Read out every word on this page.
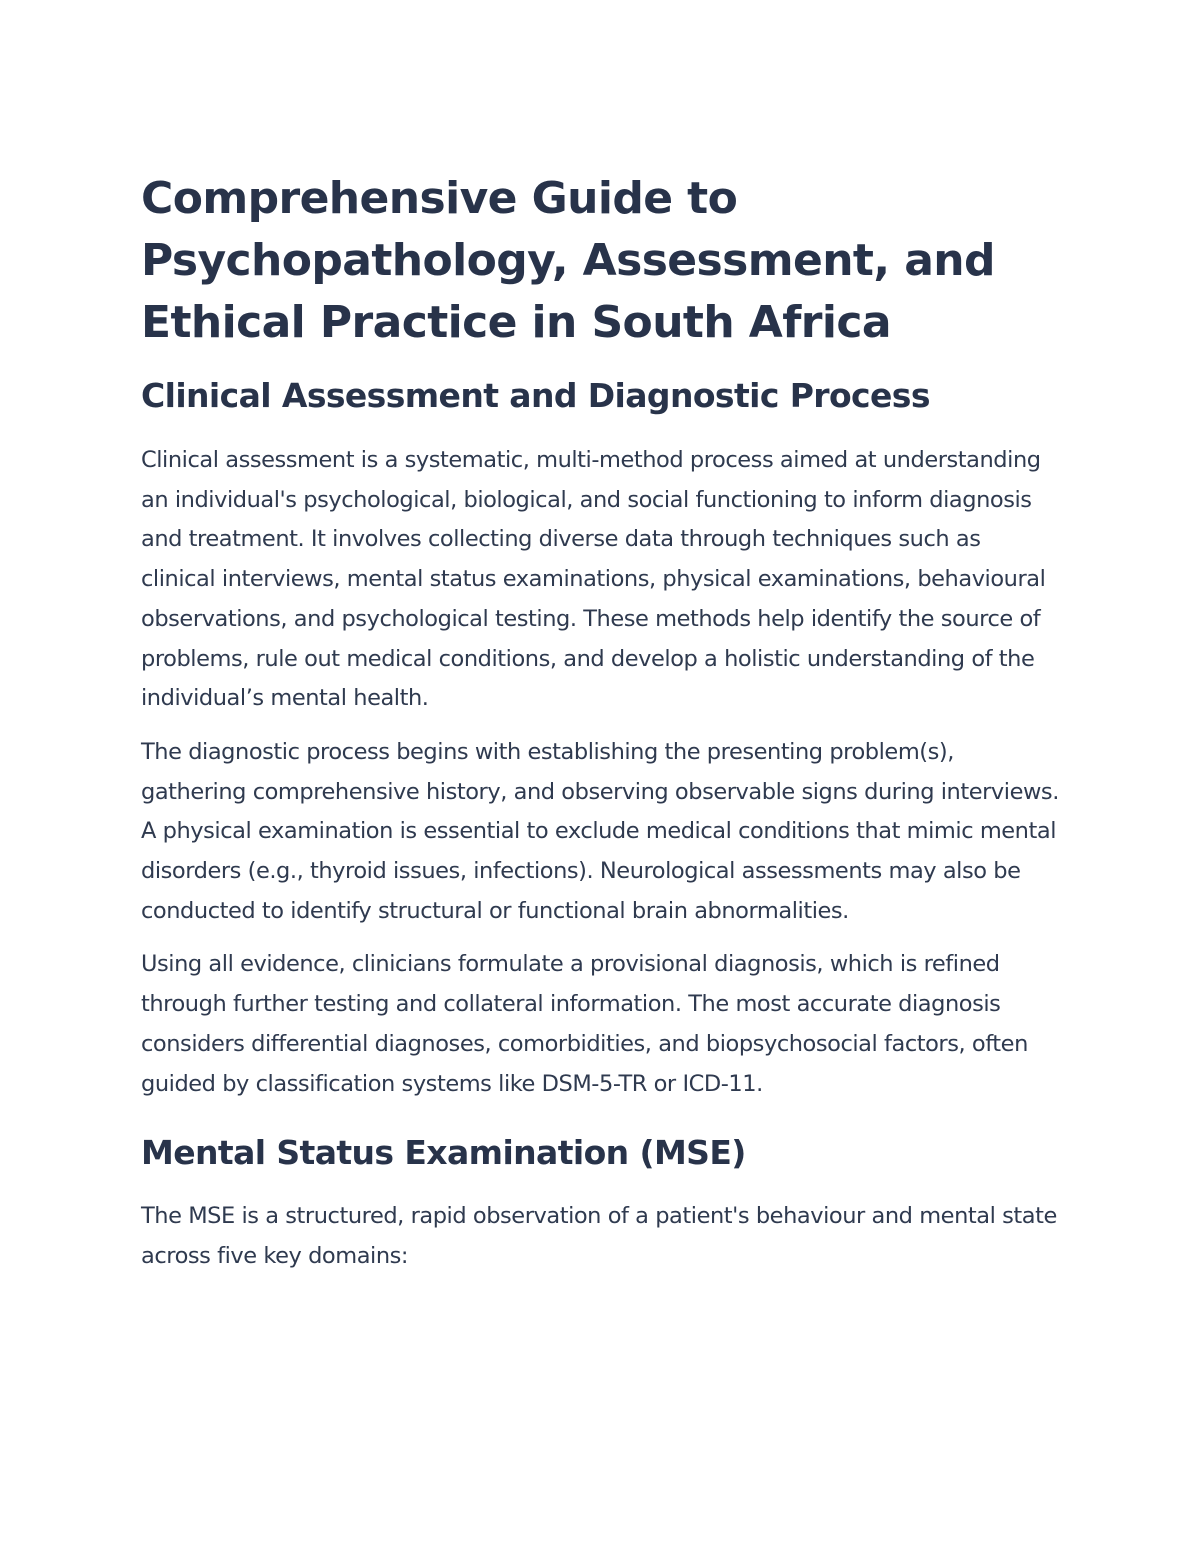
Comprehensive Guide to Psychopathology, Assessment, and Ethical Practice in South Africa
Clinical Assessment and Diagnostic Process

Clinical assessment is a systematic, multi-method process aimed at understanding an individual's psychological, biological, and social functioning to inform diagnosis and treatment. It involves collecting diverse data through techniques such as clinical interviews, mental status examinations, physical examinations, behavioural observations, and psychological testing. These methods help identify the source of problems, rule out medical conditions, and develop a holistic understanding of the individual’s mental health.

The diagnostic process begins with establishing the presenting problem(s), gathering comprehensive history, and observing observable signs during interviews. A physical examination is essential to exclude medical conditions that mimic mental disorders (e.g., thyroid issues, infections). Neurological assessments may also be conducted to identify structural or functional brain abnormalities.

Using all evidence, clinicians formulate a provisional diagnosis, which is refined through further testing and collateral information. The most accurate diagnosis considers differential diagnoses, comorbidities, and biopsychosocial factors, often guided by classification systems like DSM-5-TR or ICD-11.

Mental Status Examination (MSE)

The MSE is a structured, rapid observation of a patient's behaviour and mental state across five key domains:
